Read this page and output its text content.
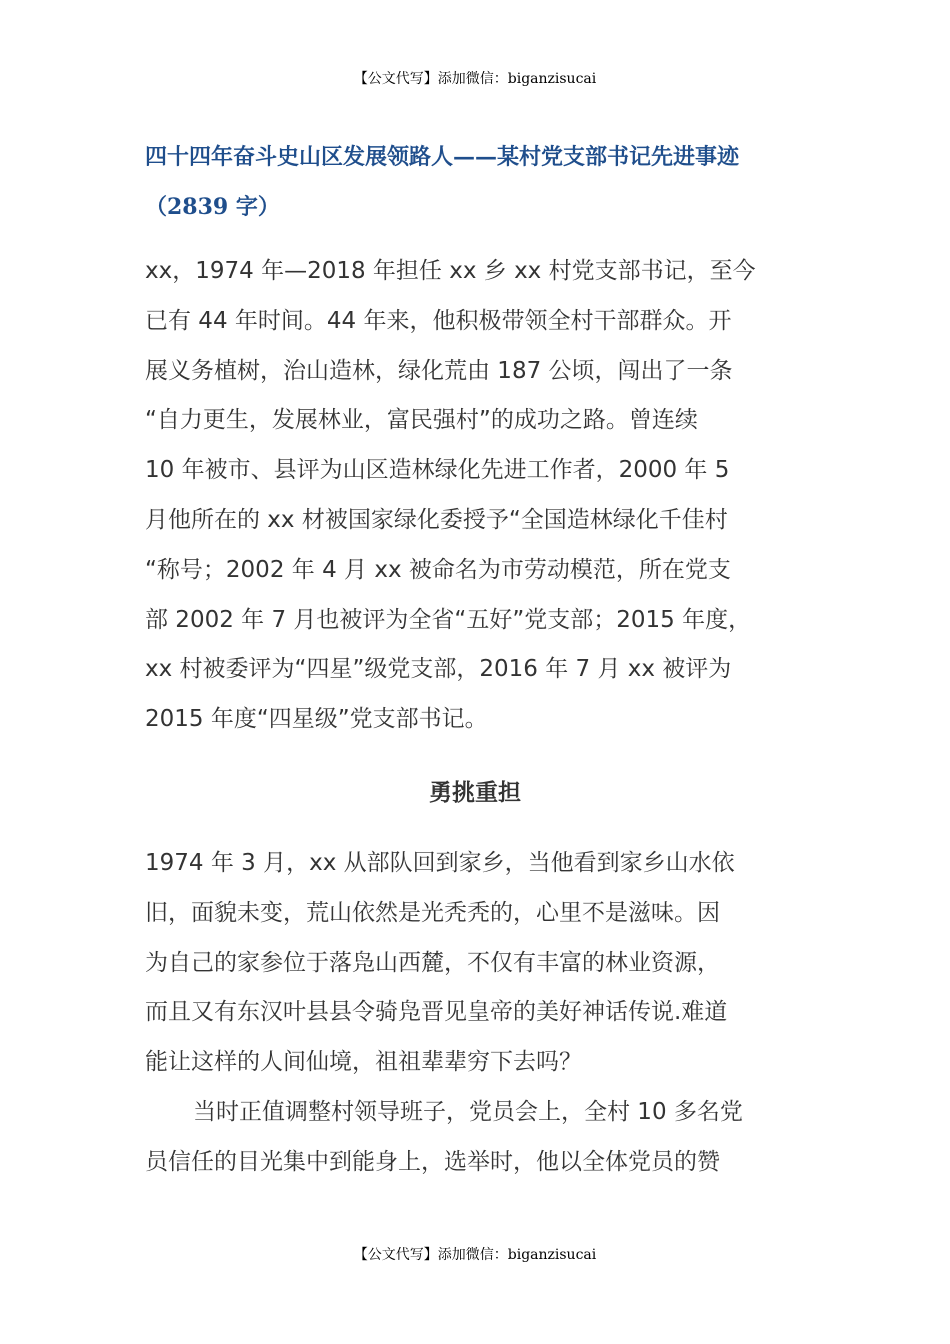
【公文代写】添加微信：biganzisucai
四十四年奋斗史山区发展领路人——某村党支部书记先进事迹
（2839 字）
xx，1974 年—2018 年担任 xx 乡 xx 村党支部书记，至今
已有 44 年时间。44 年来，他积极带领全村干部群众。开
展义务植树，治山造林，绿化荒由 187 公顷，闯出了一条
“自力更生，发展林业，富民强村”的成功之路。曾连续
10 年被市、县评为山区造林绿化先进工作者，2000 年 5
月他所在的 xx 材被国家绿化委授予“全国造林绿化千佳村
“称号；2002 年 4 月 xx 被命名为市劳动模范，所在党支
部 2002 年 7 月也被评为全省“五好”党支部；2015 年度，
xx 村被委评为“四星”级党支部，2016 年 7 月 xx 被评为
2015 年度“四星级”党支部书记。
勇挑重担
1974 年 3 月，xx 从部队回到家乡，当他看到家乡山水依
旧，面貌未变，荒山依然是光秃秃的，心里不是滋味。因
为自己的家参位于落凫山西麓，不仅有丰富的林业资源，
而且又有东汉叶县县令骑凫晋见皇帝的美好神话传说.难道
能让这样的人间仙境，祖祖辈辈穷下去吗？
当时正值调整村领导班子，党员会上，全村 10 多名党
员信任的目光集中到能身上，选举时，他以全体党员的赞
【公文代写】添加微信：biganzisucai
